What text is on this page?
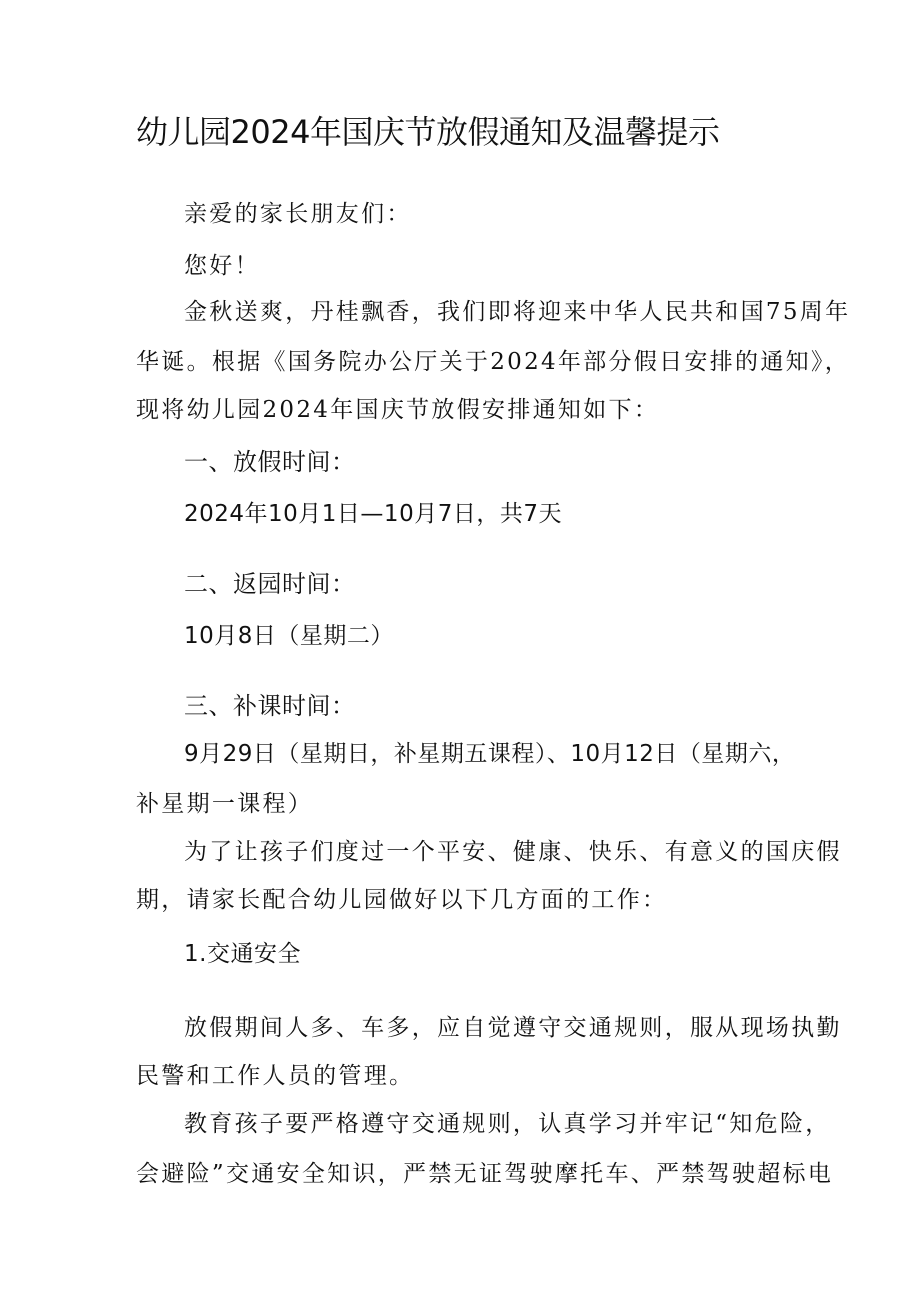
幼儿园2024年国庆节放假通知及温馨提示
亲爱的家长朋友们：
您好！
金秋送爽，丹桂飘香，我们即将迎来中华人民共和国75周年
华诞。根据《国务院办公厅关于2024年部分假日安排的通知》，
现将幼儿园2024年国庆节放假安排通知如下：
一、放假时间：
2024年10月1日—10月7日，共7天
二、返园时间：
10月8日（星期二）
三、补课时间：
9月29日（星期日，补星期五课程）、10月12日（星期六，
补星期一课程）
为了让孩子们度过一个平安、健康、快乐、有意义的国庆假
期，请家长配合幼儿园做好以下几方面的工作：
1.交通安全
放假期间人多、车多，应自觉遵守交通规则，服从现场执勤
民警和工作人员的管理。
教育孩子要严格遵守交通规则，认真学习并牢记“知危险，
会避险”交通安全知识，严禁无证驾驶摩托车、严禁驾驶超标电
